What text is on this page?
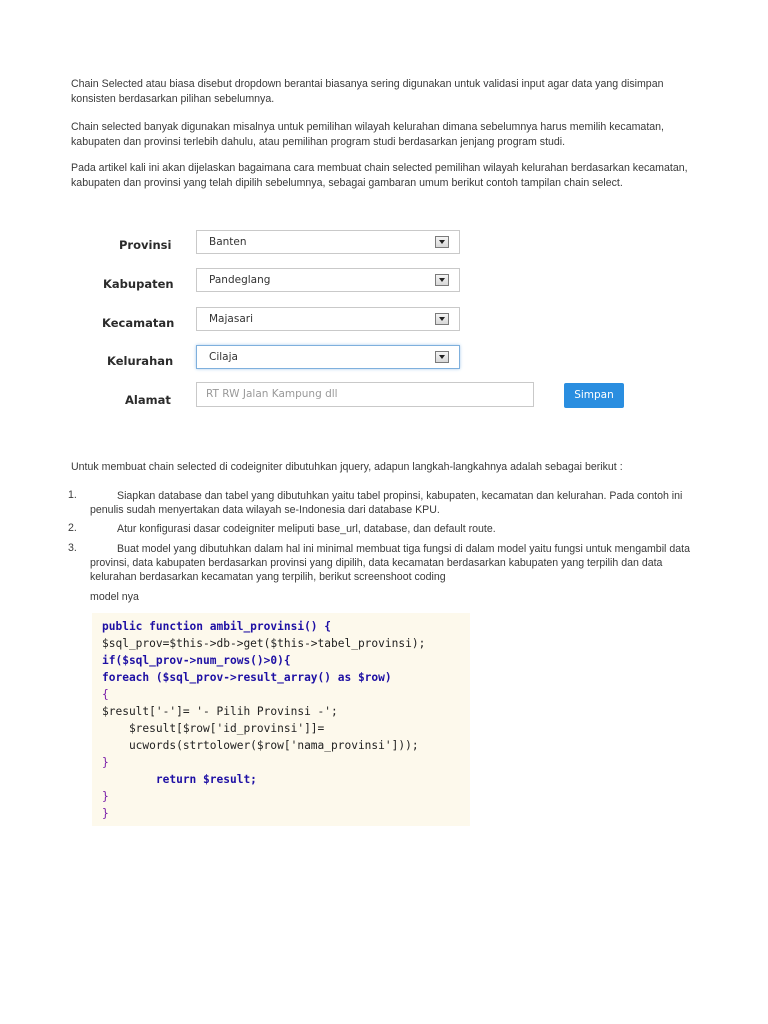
Chain Selected atau biasa disebut dropdown berantai biasanya sering digunakan untuk validasi input agar data yang disimpan konsisten berdasarkan pilihan sebelumnya.
Chain selected banyak digunakan misalnya untuk pemilihan wilayah kelurahan dimana sebelumnya harus memilih kecamatan, kabupaten dan provinsi terlebih dahulu, atau pemilihan program studi berdasarkan jenjang program studi.
Pada artikel kali ini akan dijelaskan bagaimana cara membuat chain selected pemilihan wilayah kelurahan berdasarkan kecamatan, kabupaten dan provinsi yang telah dipilih sebelumnya, sebagai gambaran umum berikut contoh tampilan chain select.
Provinsi	Banten
Kabupaten	Pandeglang
Kecamatan	Majasari
Kelurahan	Cilaja
Alamat	RT RW Jalan Kampung dll	Simpan
Untuk membuat chain selected di codeigniter dibutuhkan jquery, adapun langkah-langkahnya adalah sebagai berikut :
1.	Siapkan database dan tabel yang dibutuhkan yaitu tabel propinsi, kabupaten, kecamatan dan kelurahan. Pada contoh ini penulis sudah menyertakan data wilayah se-Indonesia dari database KPU.
2.	Atur konfigurasi dasar codeigniter meliputi base_url, database, dan default route.
3.	Buat model yang dibutuhkan dalam hal ini minimal membuat tiga fungsi di dalam model yaitu fungsi untuk mengambil data provinsi, data kabupaten berdasarkan provinsi yang dipilih, data kecamatan berdasarkan kabupaten yang terpilih dan data kelurahan berdasarkan kecamatan yang terpilih, berikut screenshoot coding
model nya
public function ambil_provinsi() {
$sql_prov=$this->db->get($this->tabel_provinsi);
if($sql_prov->num_rows()>0){
foreach ($sql_prov->result_array() as $row)
{
$result['-']= '- Pilih Provinsi -';
$result[$row['id_provinsi']]=
ucwords(strtolower($row['nama_provinsi']));
}
return $result;
}
}
